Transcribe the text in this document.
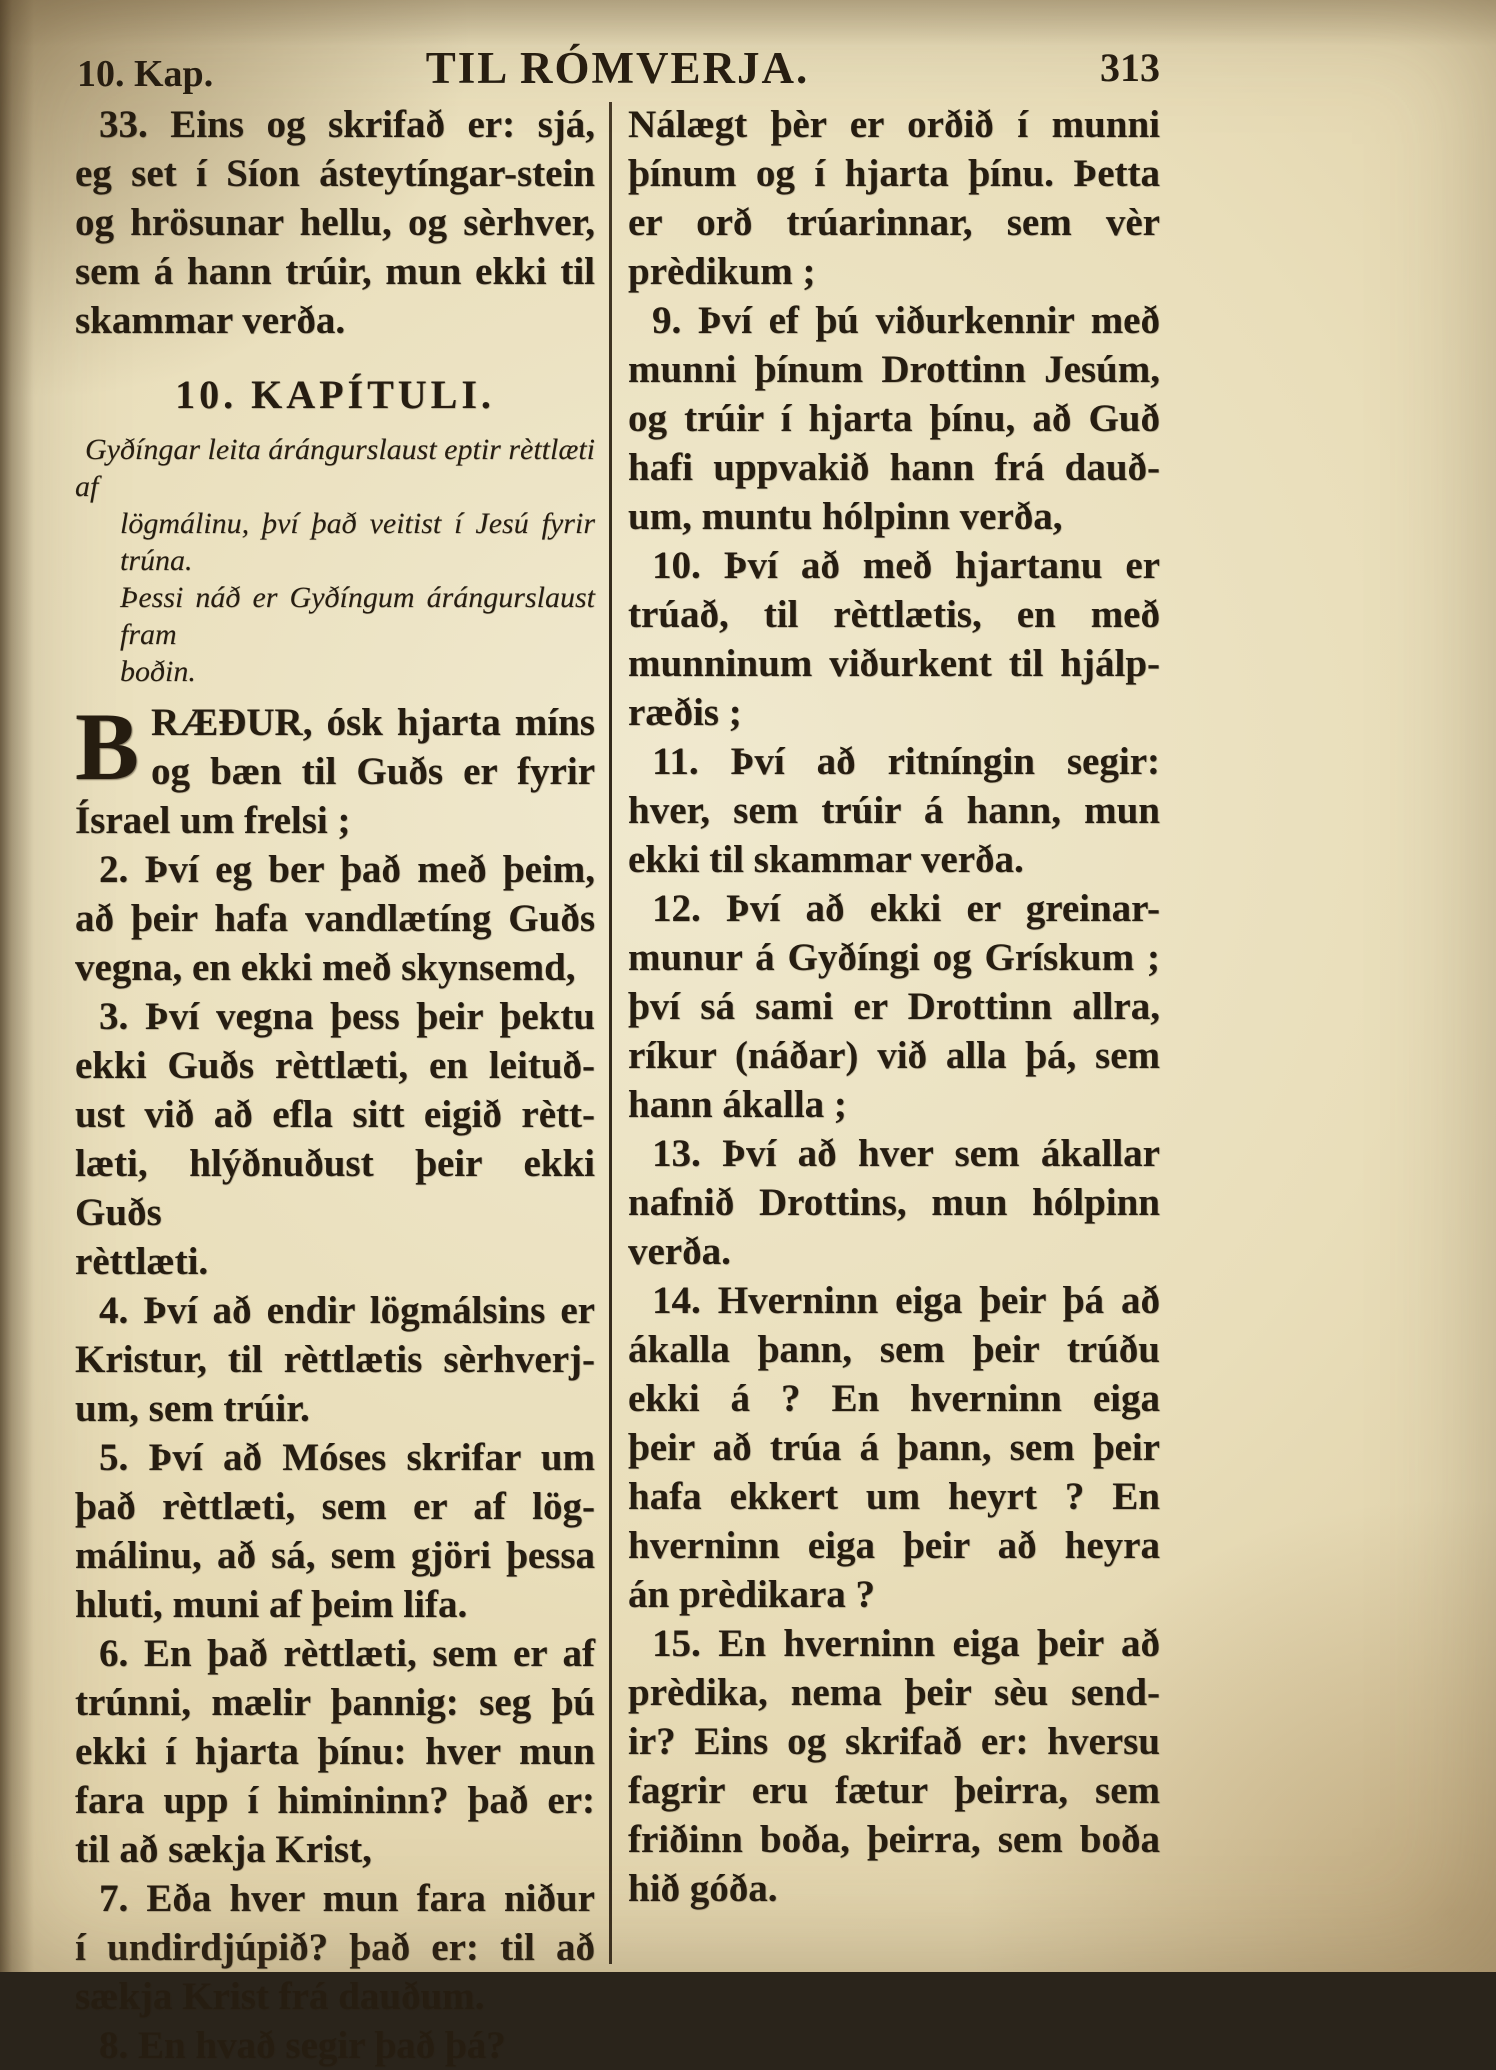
10. Kap.	TIL RÓMVERJA.	313
33. Eins og skrifað er: sjá,
eg set í Síon ásteytíngar-stein
og hrösunar hellu, og sèrhver,
sem á hann trúir, mun ekki til
skammar verða.
10. KAPÍTULI.
Gyðíngar leita árángurslaust eptir rèttlæti af
lögmálinu, því það veitist í Jesú fyrir trúna.
Þessi náð er Gyðíngum árángurslaust fram
boðin.
B RÆÐUR, ósk hjarta míns
og bæn til Guðs er fyrir
Ísrael um frelsi ;
2. Því eg ber það með þeim,
að þeir hafa vandlætíng Guðs
vegna, en ekki með skynsemd,
3. Því vegna þess þeir þektu
ekki Guðs rèttlæti, en leituð-
ust við að efla sitt eigið rètt-
læti, hlýðnuðust þeir ekki Guðs
rèttlæti.
4. Því að endir lögmálsins er
Kristur, til rèttlætis sèrhverj-
um, sem trúir.
5. Því að Móses skrifar um
það rèttlæti, sem er af lög-
málinu, að sá, sem gjöri þessa
hluti, muni af þeim lifa.
6. En það rèttlæti, sem er af
trúnni, mælir þannig: seg þú
ekki í hjarta þínu: hver mun
fara upp í himininn? það er:
til að sækja Krist,
7. Eða hver mun fara niður
í undirdjúpið? það er: til að
sækja Krist frá dauðum.
8. En hvað segir það þá?
Nálægt þèr er orðið í munni
þínum og í hjarta þínu. Þetta
er orð trúarinnar, sem vèr
prèdikum ;
9. Því ef þú viðurkennir með
munni þínum Drottinn Jesúm,
og trúir í hjarta þínu, að Guð
hafi uppvakið hann frá dauð-
um, muntu hólpinn verða,
10. Því að með hjartanu er
trúað, til rèttlætis, en með
munninum viðurkent til hjálp-
ræðis ;
11. Því að ritníngin segir:
hver, sem trúir á hann, mun
ekki til skammar verða.
12. Því að ekki er greinar-
munur á Gyðíngi og Grískum ;
því sá sami er Drottinn allra,
ríkur (náðar) við alla þá, sem
hann ákalla ;
13. Því að hver sem ákallar
nafnið Drottins, mun hólpinn
verða.
14. Hverninn eiga þeir þá að
ákalla þann, sem þeir trúðu
ekki á ? En hverninn eiga
þeir að trúa á þann, sem þeir
hafa ekkert um heyrt ? En
hverninn eiga þeir að heyra
án prèdikara ?
15. En hverninn eiga þeir að
prèdika, nema þeir sèu send-
ir? Eins og skrifað er: hversu
fagrir eru fætur þeirra, sem
friðinn boða, þeirra, sem boða
hið góða.
